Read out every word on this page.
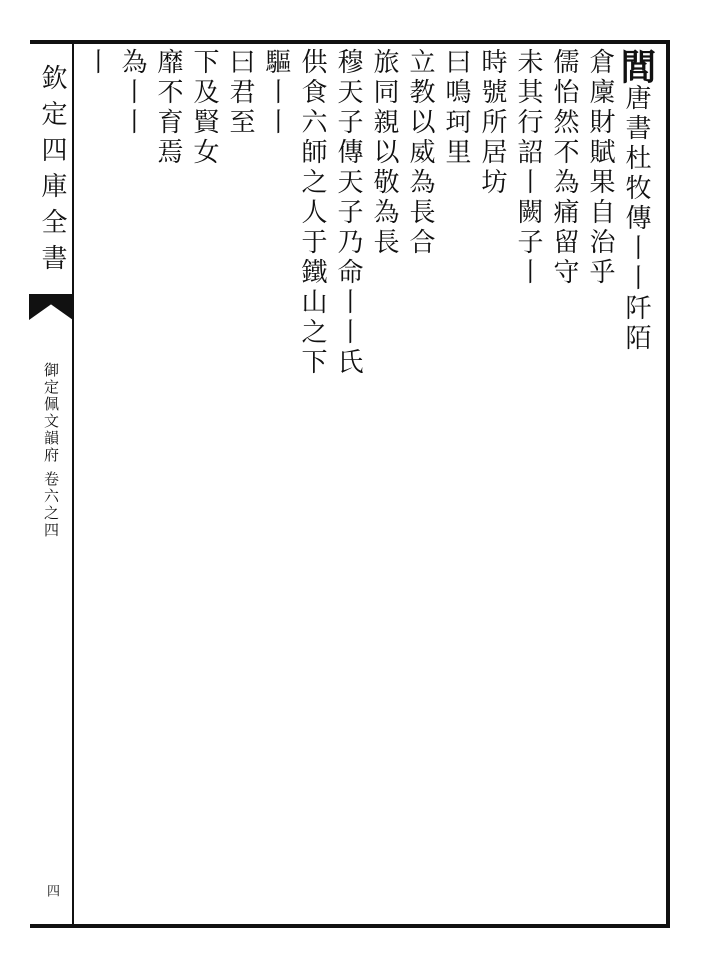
欽定四庫全書
御定佩文韻府 卷六之四
四
閭唐書杜牧傳丨丨阡陌
倉廩財賦果自治乎
儒怡然不為痛留守
未其行詔丨闕子丨
時號所居坊
曰鳴珂里
立教以威為長合
旅同親以敬為長
穆天子傳天子乃命丨丨氏
供食六師之人于鐵山之下
驅丨丨
曰君至
下及賢女
靡不育焉
為丨丨
丨
